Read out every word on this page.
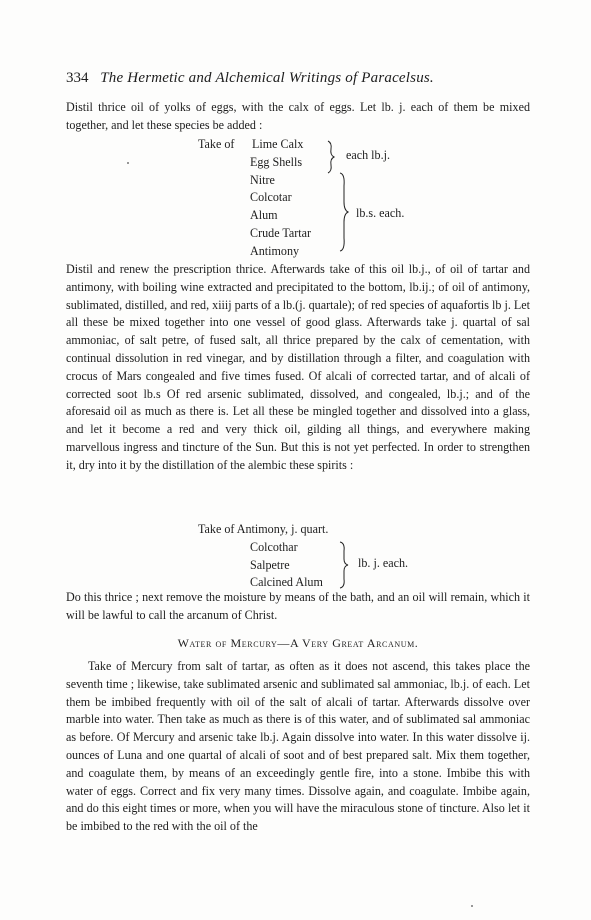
334 The Hermetic and Alchemical Writings of Paracelsus.
Distil thrice oil of yolks of eggs, with the calx of eggs. Let lb. j. each of them be mixed together, and let these species be added :
Take of Lime Calx
Egg Shells
Nitre
Colcotar
Alum
Crude Tartar
Antimony
each lb.j.
lb.s. each.
Distil and renew the prescription thrice. Afterwards take of this oil lb.j., of oil of tartar and antimony, with boiling wine extracted and precipitated to the bottom, lb.ij.; of oil of antimony, sublimated, distilled, and red, xiiij parts of a lb.(j. quartale); of red species of aquafortis lb j. Let all these be mixed together into one vessel of good glass. Afterwards take j. quartal of sal ammoniac, of salt petre, of fused salt, all thrice prepared by the calx of cementation, with continual dissolution in red vinegar, and by distillation through a filter, and coagulation with crocus of Mars congealed and five times fused. Of alcali of corrected tartar, and of alcali of corrected soot lb.s Of red arsenic sublimated, dissolved, and congealed, lb.j.; and of the aforesaid oil as much as there is. Let all these be mingled together and dissolved into a glass, and let it become a red and very thick oil, gilding all things, and everywhere making marvellous ingress and tincture of the Sun. But this is not yet perfected. In order to strengthen it, dry into it by the distillation of the alembic these spirits :
Take of Antimony, j. quart.
Colcothar
Salpetre
Calcined Alum
lb. j. each.
Do this thrice ; next remove the moisture by means of the bath, and an oil will remain, which it will be lawful to call the arcanum of Christ.
Water of Mercury—A Very Great Arcanum.
Take of Mercury from salt of tartar, as often as it does not ascend, this takes place the seventh time ; likewise, take sublimated arsenic and sublimated sal ammoniac, lb.j. of each. Let them be imbibed frequently with oil of the salt of alcali of tartar. Afterwards dissolve over marble into water. Then take as much as there is of this water, and of sublimated sal ammoniac as before. Of Mercury and arsenic take lb.j. Again dissolve into water. In this water dissolve ij. ounces of Luna and one quartal of alcali of soot and of best prepared salt. Mix them together, and coagulate them, by means of an exceedingly gentle fire, into a stone. Imbibe this with water of eggs. Correct and fix very many times. Dissolve again, and coagulate. Imbibe again, and do this eight times or more, when you will have the miraculous stone of tincture. Also let it be imbibed to the red with the oil of the
